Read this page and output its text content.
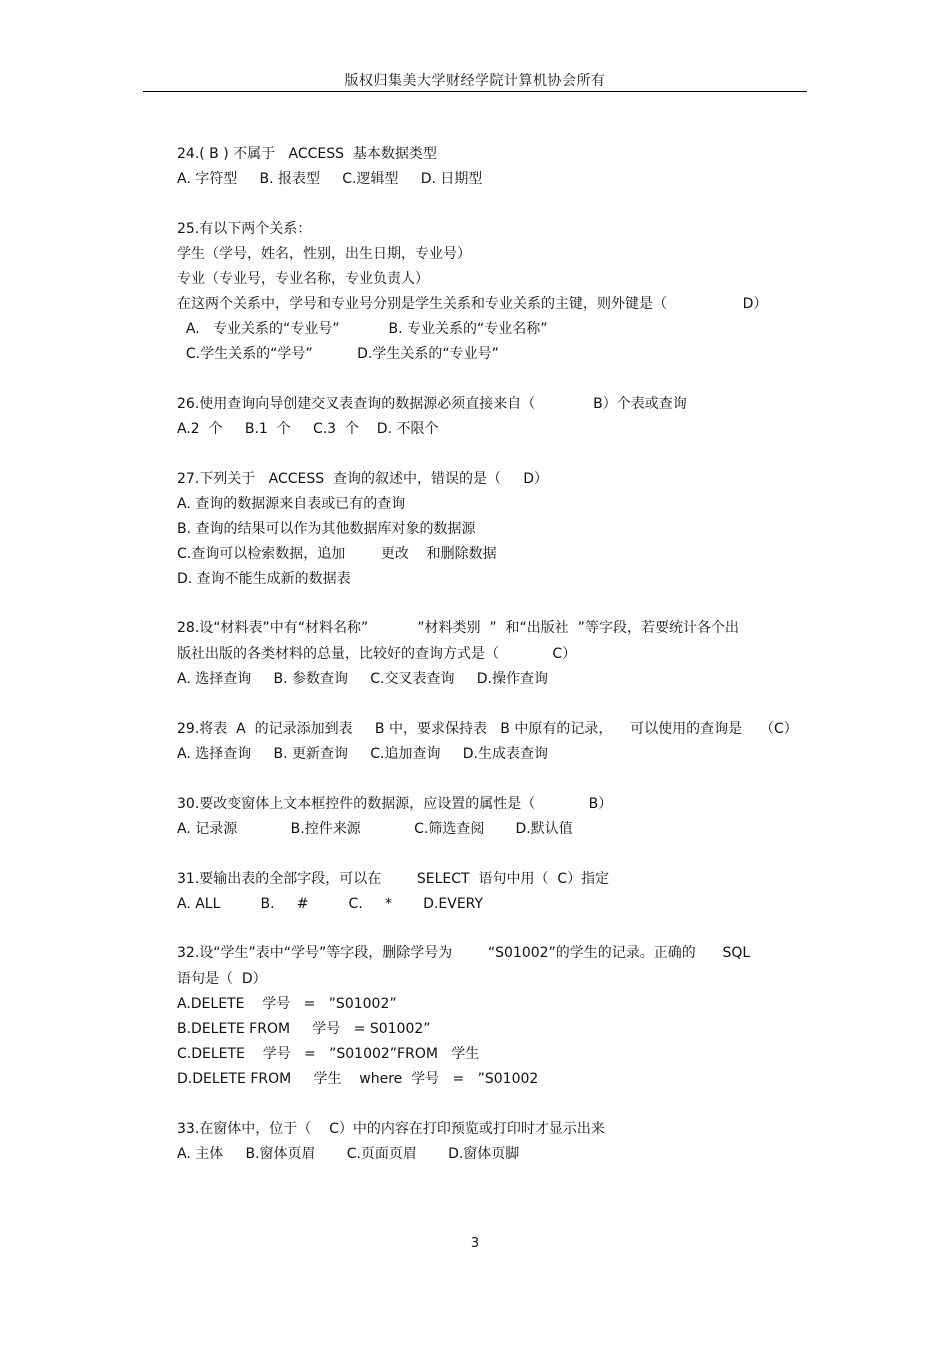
版权归集美大学财经学院计算机协会所有
24.( B ) 不属于   ACCESS  基本数据类型
A. 字符型     B. 报表型     C.逻辑型     D. 日期型
25.有以下两个关系：
学生（学号，姓名，性别，出生日期，专业号）
专业（专业号，专业名称，专业负责人）
在这两个关系中，学号和专业号分别是学生关系和专业关系的主键，则外键是（                 D）
A.   专业关系的“专业号”           B. 专业关系的“专业名称”
C.学生关系的“学号”          D.学生关系的“专业号”
26.使用查询向导创建交叉表查询的数据源必须直接来自（             B）个表或查询
A.2  个     B.1  个     C.3  个    D. 不限个
27.下列关于   ACCESS  查询的叙述中，错误的是（     D）
A. 查询的数据源来自表或已有的查询
B. 查询的结果可以作为其他数据库对象的数据源
C.查询可以检索数据，追加        更改    和删除数据
D. 查询不能生成新的数据表
28.设“材料表”中有“材料名称”           ”材料类别  ”  和“出版社  ”等字段，若要统计各个出
版社出版的各类材料的总量，比较好的查询方式是（            C）
A. 选择查询     B. 参数查询     C.交叉表查询     D.操作查询
29.将表  A  的记录添加到表     B 中，要求保持表   B 中原有的记录，    可以使用的查询是    （C）
A. 选择查询     B. 更新查询     C.追加查询     D.生成表查询
30.要改变窗体上文本框控件的数据源，应设置的属性是（            B）
A. 记录源            B.控件来源            C.筛选查阅       D.默认值
31.要输出表的全部字段，可以在        SELECT  语句中用（  C）指定
A. ALL         B.     #         C.     *       D.EVERY
32.设“学生”表中“学号”等字段，删除学号为        “S01002”的学生的记录。正确的      SQL
语句是（  D）
A.DELETE    学号   =   ”S01002”
B.DELETE FROM     学号   = S01002”
C.DELETE    学号   =   ”S01002”FROM   学生
D.DELETE FROM     学生    where  学号   =   ”S01002
33.在窗体中，位于（    C）中的内容在打印预览或打印时才显示出来
A. 主体     B.窗体页眉       C.页面页眉       D.窗体页脚
3
